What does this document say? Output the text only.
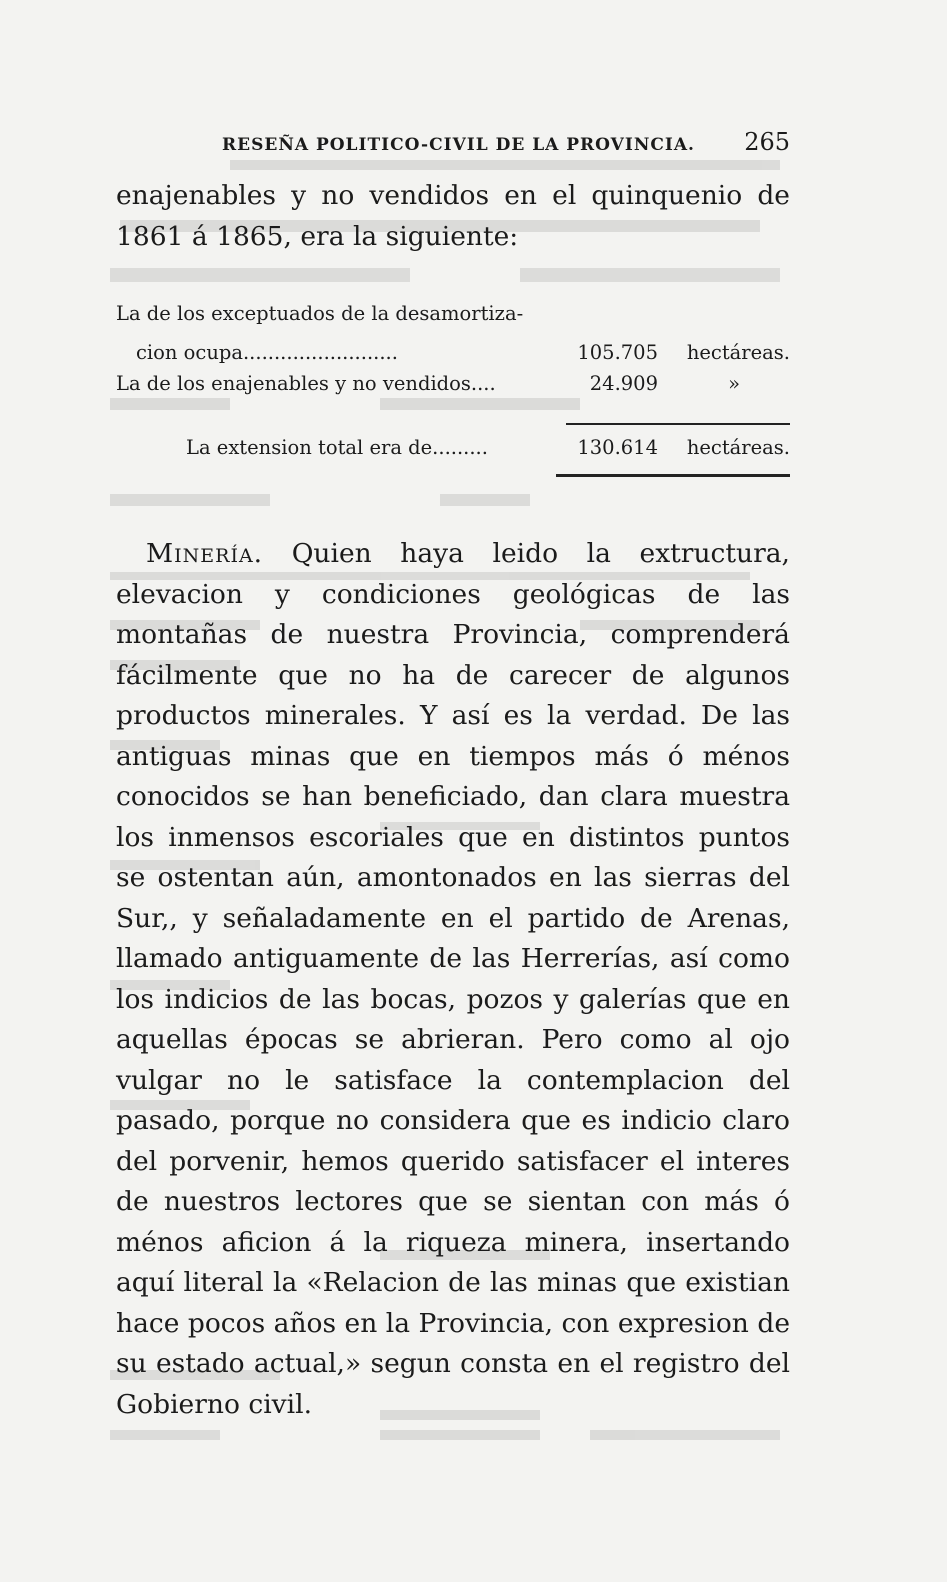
RESEÑA POLITICO-CIVIL DE LA PROVINCIA. 265
enajenables y no vendidos en el quinquenio de 1861 á 1865, era la siguiente:
La de los exceptuados de la desamortiza-
cion ocupa.........................	105.705 hectáreas.
La de los enajenables y no vendidos....	24.909	»
La extension total era de.........	130.614 hectáreas.
Minería. Quien haya leido la extructura, elevacion y condiciones geológicas de las montañas de nuestra Provincia, comprenderá fácilmente que no ha de carecer de algunos productos minerales. Y así es la verdad. De las antiguas minas que en tiempos más ó ménos conocidos se han beneficiado, dan clara muestra los inmensos escoriales que en distintos puntos se ostentan aún, amontonados en las sierras del Sur,, y señaladamente en el partido de Arenas, llamado antiguamente de las Herrerías, así como los indicios de las bocas, pozos y galerías que en aquellas épocas se abrieran. Pero como al ojo vulgar no le satisface la contemplacion del pasado, porque no considera que es indicio claro del porvenir, hemos querido satisfacer el interes de nuestros lectores que se sientan con más ó ménos aficion á la riqueza minera, insertando aquí literal la «Relacion de las minas que existian hace pocos años en la Provincia, con expresion de su estado actual,» segun consta en el registro del Gobierno civil.
